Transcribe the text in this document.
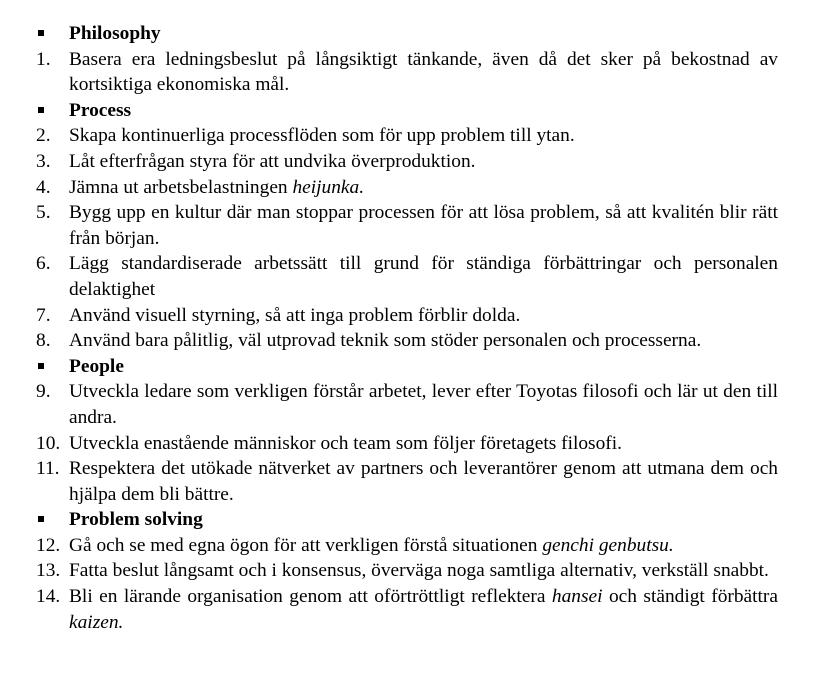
Philosophy
1. Basera era ledningsbeslut på långsiktigt tänkande, även då det sker på bekostnad av kortsiktiga ekonomiska mål.
Process
2. Skapa kontinuerliga processflöden som för upp problem till ytan.
3. Låt efterfrågan styra för att undvika överproduktion.
4. Jämna ut arbetsbelastningen heijunka.
5. Bygg upp en kultur där man stoppar processen för att lösa problem, så att kvalitén blir rätt från början.
6. Lägg standardiserade arbetssätt till grund för ständiga förbättringar och personalen delaktighet
7. Använd visuell styrning, så att inga problem förblir dolda.
8. Använd bara pålitlig, väl utprovad teknik som stöder personalen och processerna.
People
9. Utveckla ledare som verkligen förstår arbetet, lever efter Toyotas filosofi och lär ut den till andra.
10. Utveckla enastående människor och team som följer företagets filosofi.
11. Respektera det utökade nätverket av partners och leverantörer genom att utmana dem och hjälpa dem bli bättre.
Problem solving
12. Gå och se med egna ögon för att verkligen förstå situationen genchi genbutsu.
13. Fatta beslut långsamt och i konsensus, överväga noga samtliga alternativ, verkställ snabbt.
14. Bli en lärande organisation genom att oförtröttligt reflektera hansei och ständigt förbättra kaizen.
